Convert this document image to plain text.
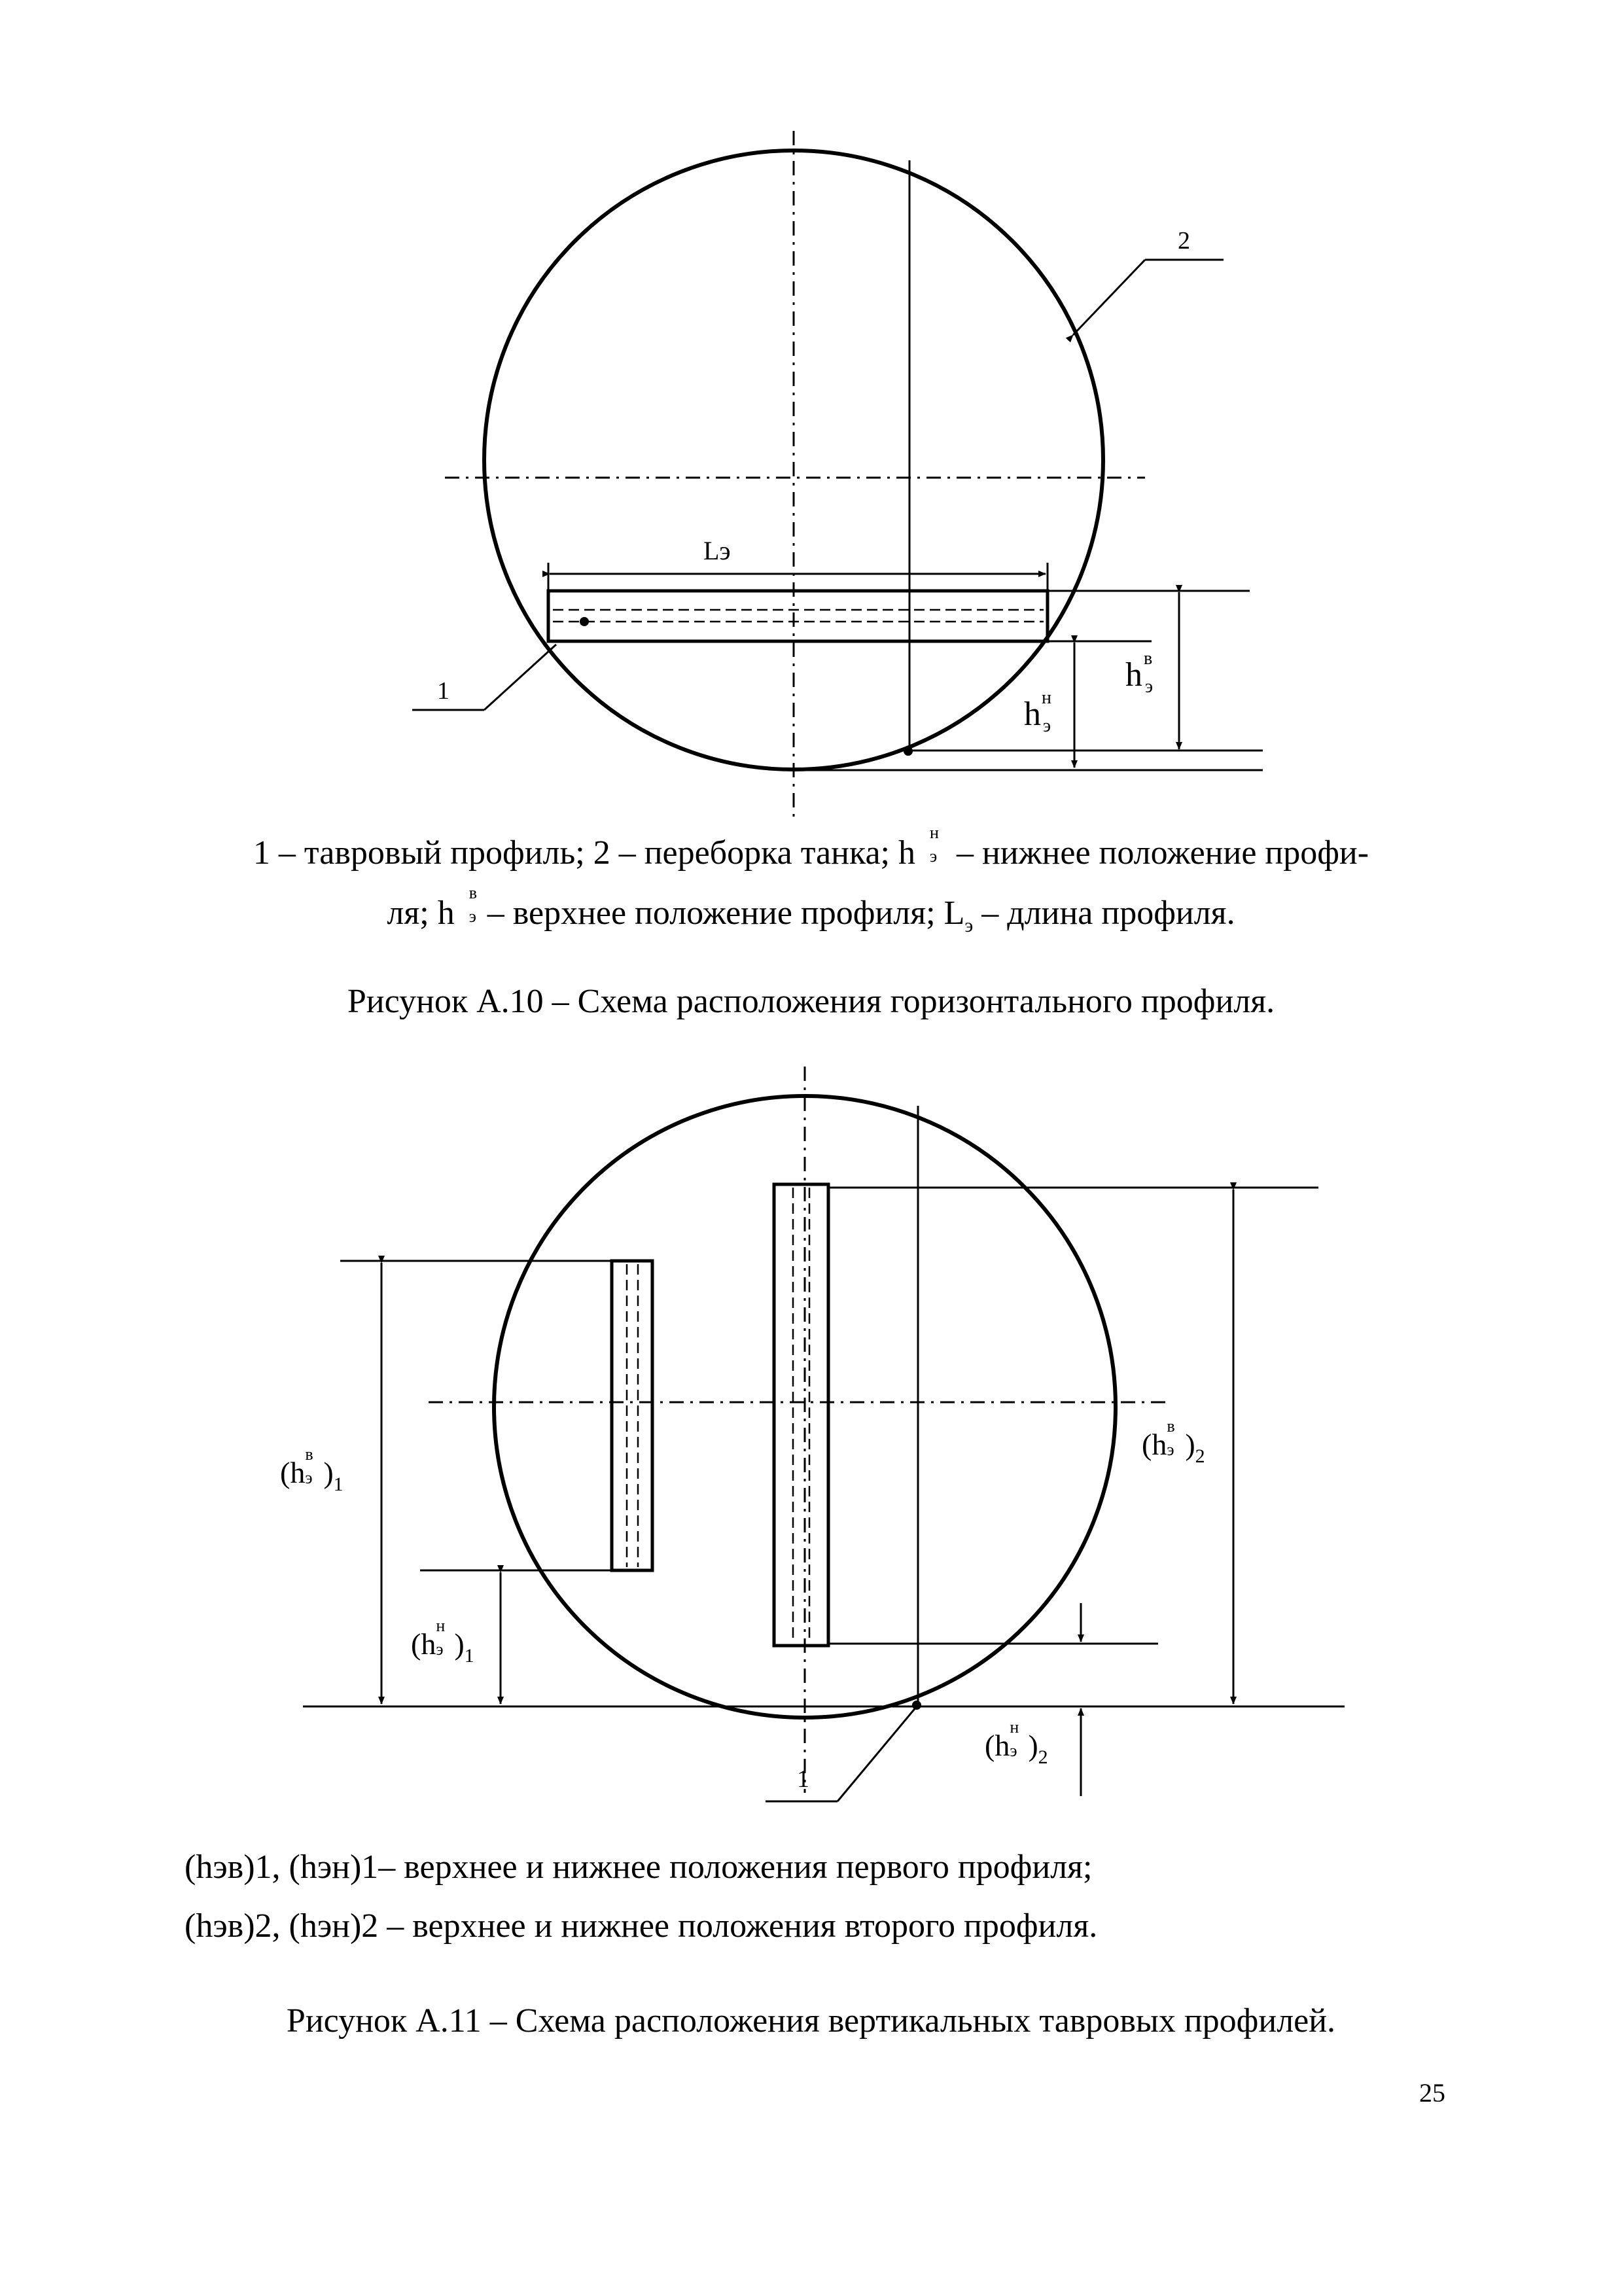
2
1
Lэ
h н
э
h в
э
1 – тавровый профиль; 2 – переборка танка; h
н
э – нижнее положение профи-
ля; h
в
э – верхнее положение профиля; $L_э$ – длина профиля.
Рисунок А.10 – Схема расположения горизонтального профиля.
(h
в
э )$_1$
(h
н
э )$_1$
(h
в
э )$_2$
(h
н
э )$_2$
1
(hэв)1, (hэн)1– верхнее и нижнее положения первого профиля;
(hэв)2, (hэн)2 – верхнее и нижнее положения второго профиля.
Рисунок А.11 – Схема расположения вертикальных тавровых профилей.
25
